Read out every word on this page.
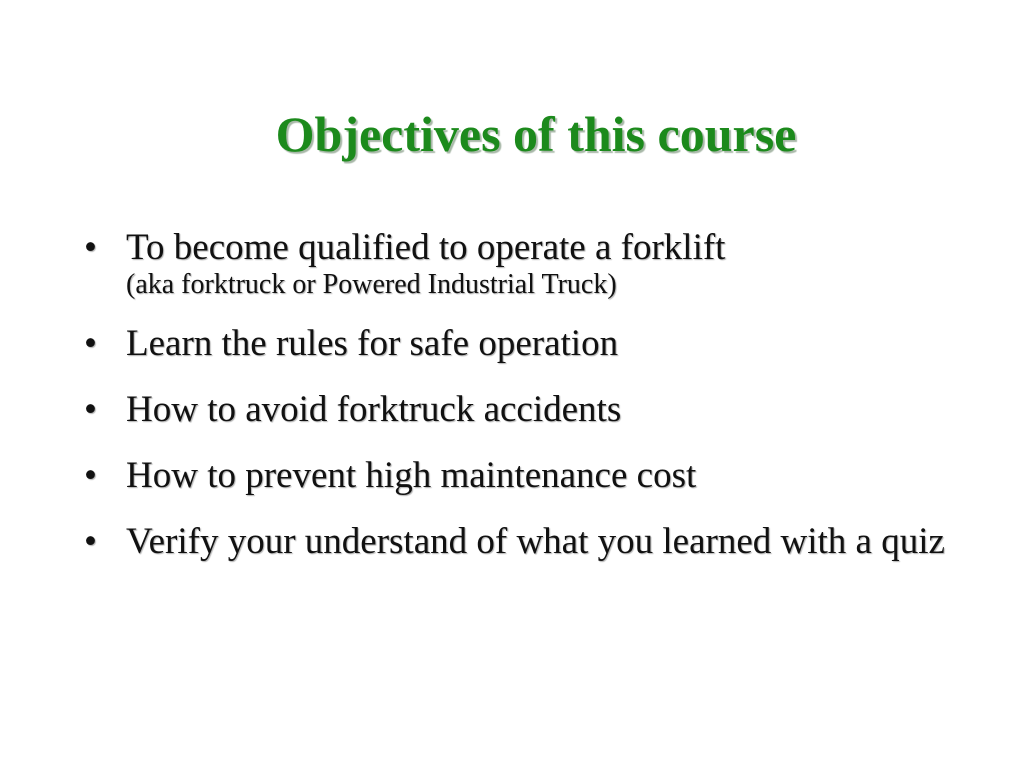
Objectives of this course
• To become qualified to operate a forklift
(aka forktruck or Powered Industrial Truck)
• Learn the rules for safe operation
• How to avoid forktruck accidents
• How to prevent high maintenance cost
• Verify your understand of what you learned with a quiz
